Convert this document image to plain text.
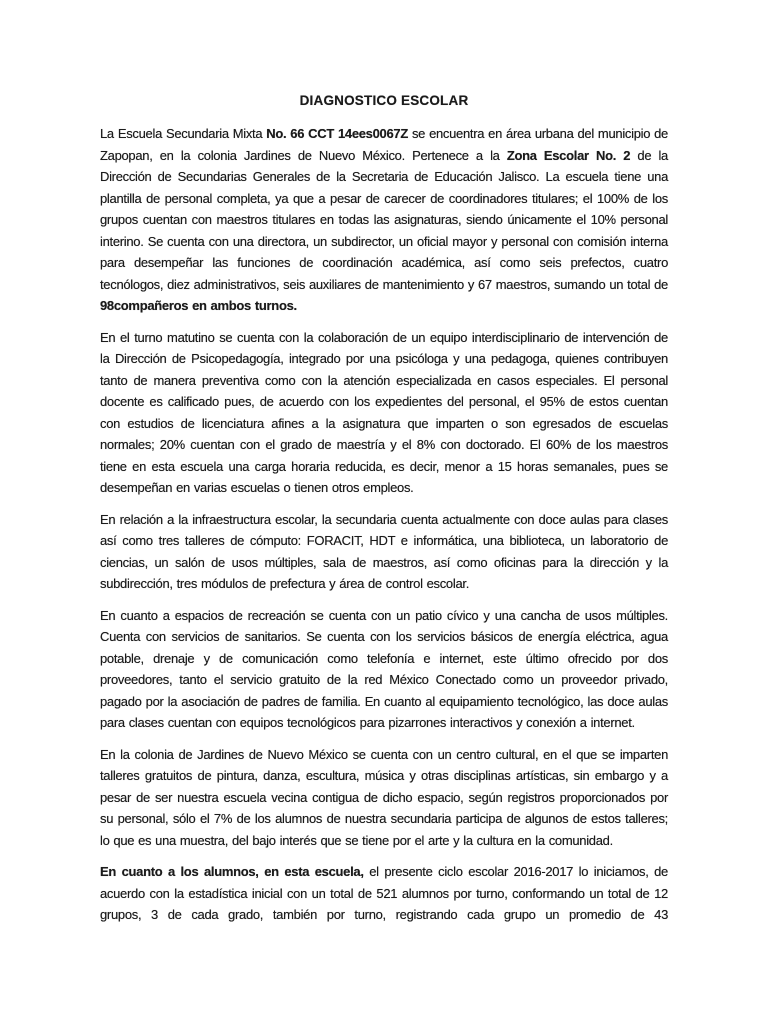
DIAGNOSTICO ESCOLAR

La Escuela Secundaria Mixta No. 66 CCT 14ees0067Z se encuentra en área urbana del municipio de Zapopan, en la colonia Jardines de Nuevo México. Pertenece a la Zona Escolar No. 2 de la Dirección de Secundarias Generales de la Secretaria de Educación Jalisco. La escuela tiene una plantilla de personal completa, ya que a pesar de carecer de coordinadores titulares; el 100% de los grupos cuentan con maestros titulares en todas las asignaturas, siendo únicamente el 10% personal interino. Se cuenta con una directora, un subdirector, un oficial mayor y personal con comisión interna para desempeñar las funciones de coordinación académica, así como seis prefectos, cuatro tecnólogos, diez administrativos, seis auxiliares de mantenimiento y 67 maestros, sumando un total de 98compañeros en ambos turnos.

En el turno matutino se cuenta con la colaboración de un equipo interdisciplinario de intervención de la Dirección de Psicopedagogía, integrado por una psicóloga y una pedagoga, quienes contribuyen tanto de manera preventiva como con la atención especializada en casos especiales. El personal docente es calificado pues, de acuerdo con los expedientes del personal, el 95% de estos cuentan con estudios de licenciatura afines a la asignatura que imparten o son egresados de escuelas normales; 20% cuentan con el grado de maestría y el 8% con doctorado. El 60% de los maestros tiene en esta escuela una carga horaria reducida, es decir, menor a 15 horas semanales, pues se desempeñan en varias escuelas o tienen otros empleos.

En relación a la infraestructura escolar, la secundaria cuenta actualmente con doce aulas para clases así como tres talleres de cómputo: FORACIT, HDT e informática, una biblioteca, un laboratorio de ciencias, un salón de usos múltiples, sala de maestros, así como oficinas para la dirección y la subdirección, tres módulos de prefectura y área de control escolar.

En cuanto a espacios de recreación se cuenta con un patio cívico y una cancha de usos múltiples. Cuenta con servicios de sanitarios. Se cuenta con los servicios básicos de energía eléctrica, agua potable, drenaje y de comunicación como telefonía e internet, este último ofrecido por dos proveedores, tanto el servicio gratuito de la red México Conectado como un proveedor privado, pagado por la asociación de padres de familia. En cuanto al equipamiento tecnológico, las doce aulas para clases cuentan con equipos tecnológicos para pizarrones interactivos y conexión a internet.

En la colonia de Jardines de Nuevo México se cuenta con un centro cultural, en el que se imparten talleres gratuitos de pintura, danza, escultura, música y otras disciplinas artísticas, sin embargo y a pesar de ser nuestra escuela vecina contigua de dicho espacio, según registros proporcionados por su personal, sólo el 7% de los alumnos de nuestra secundaria participa de algunos de estos talleres; lo que es una muestra, del bajo interés que se tiene por el arte y la cultura en la comunidad.

En cuanto a los alumnos, en esta escuela, el presente ciclo escolar 2016-2017 lo iniciamos, de acuerdo con la estadística inicial con un total de 521 alumnos por turno, conformando un total de 12 grupos, 3 de cada grado, también por turno, registrando cada grupo un promedio de 43
